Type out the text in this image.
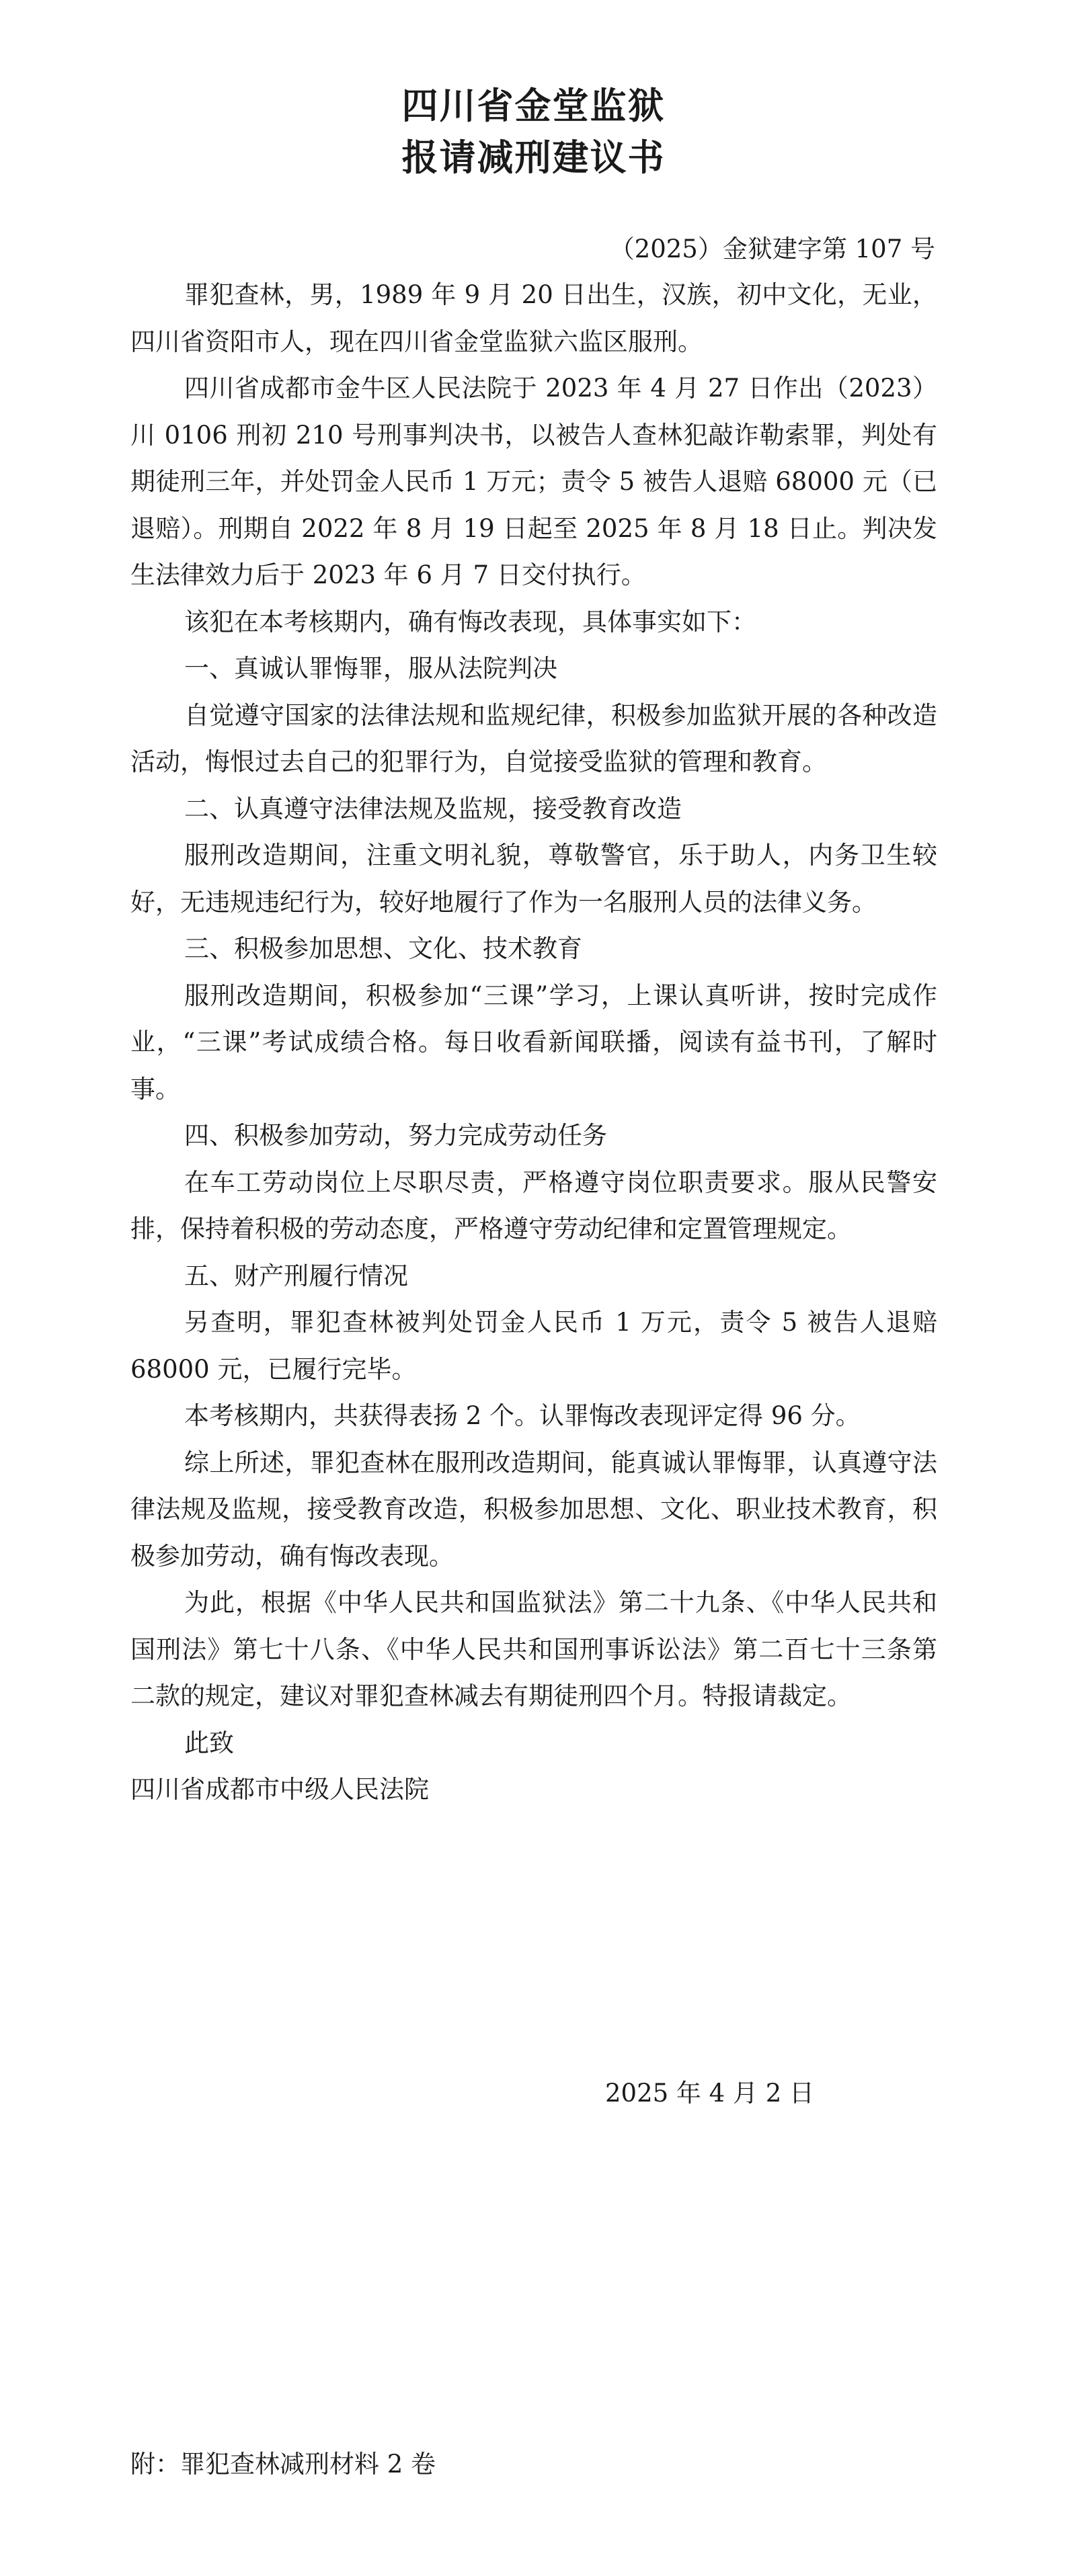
四川省金堂监狱
报请减刑建议书
（2025）金狱建字第 107 号

罪犯查林，男，1989 年 9 月 20 日出生，汉族，初中文化，无业，四川省资阳市人，现在四川省金堂监狱六监区服刑。

四川省成都市金牛区人民法院于 2023 年 4 月 27 日作出（2023）川 0106 刑初 210 号刑事判决书，以被告人查林犯敲诈勒索罪，判处有期徒刑三年，并处罚金人民币 1 万元；责令 5 被告人退赔 68000 元（已退赔）。刑期自 2022 年 8 月 19 日起至 2025 年 8 月 18 日止。判决发生法律效力后于 2023 年 6 月 7 日交付执行。

该犯在本考核期内，确有悔改表现，具体事实如下：

一、真诚认罪悔罪，服从法院判决

自觉遵守国家的法律法规和监规纪律，积极参加监狱开展的各种改造活动，悔恨过去自己的犯罪行为，自觉接受监狱的管理和教育。

二、认真遵守法律法规及监规，接受教育改造

服刑改造期间，注重文明礼貌，尊敬警官，乐于助人，内务卫生较好，无违规违纪行为，较好地履行了作为一名服刑人员的法律义务。

三、积极参加思想、文化、技术教育

服刑改造期间，积极参加“三课”学习，上课认真听讲，按时完成作业，“三课”考试成绩合格。每日收看新闻联播，阅读有益书刊，了解时事。

四、积极参加劳动，努力完成劳动任务

在车工劳动岗位上尽职尽责，严格遵守岗位职责要求。服从民警安排，保持着积极的劳动态度，严格遵守劳动纪律和定置管理规定。

五、财产刑履行情况

另查明，罪犯查林被判处罚金人民币 1 万元，责令 5 被告人退赔 68000 元，已履行完毕。

本考核期内，共获得表扬 2 个。认罪悔改表现评定得 96 分。

综上所述，罪犯查林在服刑改造期间，能真诚认罪悔罪，认真遵守法律法规及监规，接受教育改造，积极参加思想、文化、职业技术教育，积极参加劳动，确有悔改表现。

为此，根据《中华人民共和国监狱法》第二十九条、《中华人民共和国刑法》第七十八条、《中华人民共和国刑事诉讼法》第二百七十三条第二款的规定，建议对罪犯查林减去有期徒刑四个月。特报请裁定。

此致

四川省成都市中级人民法院

2025 年 4 月 2 日
附：罪犯查林减刑材料 2 卷
